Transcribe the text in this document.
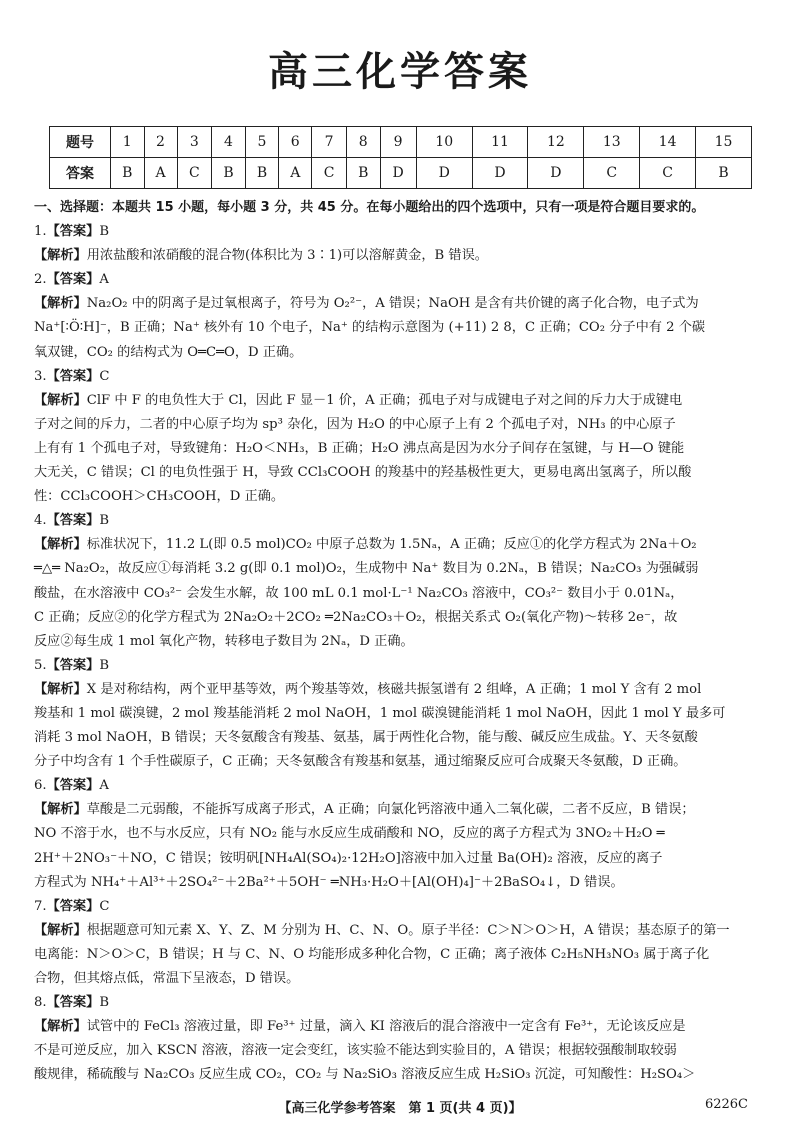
高三化学答案
题号	1	2	3	4	5	6	7	8	9	10	11	12	13	14	15
答案	B	A	C	B	B	A	C	B	D	D	D	D	C	C	B

一、选择题：本题共 15 小题，每小题 3 分，共 45 分。在每小题给出的四个选项中，只有一项是符合题目要求的。

1.【答案】B

【解析】用浓盐酸和浓硝酸的混合物(体积比为 3∶1)可以溶解黄金，B 错误。

2.【答案】A

【解析】Na₂O₂ 中的阴离子是过氧根离子，符号为 O₂²⁻，A 错误；NaOH 是含有共价键的离子化合物，电子式为

Na⁺[∶Ö∶H]⁻，B 正确；Na⁺ 核外有 10 个电子，Na⁺ 的结构示意图为 (+11) 2 8，C 正确；CO₂ 分子中有 2 个碳

氧双键，CO₂ 的结构式为 O═C═O，D 正确。

3.【答案】C

【解析】ClF 中 F 的电负性大于 Cl，因此 F 显－1 价，A 正确；孤电子对与成键电子对之间的斥力大于成键电

子对之间的斥力，二者的中心原子均为 sp³ 杂化，因为 H₂O 的中心原子上有 2 个孤电子对，NH₃ 的中心原子

上有有 1 个孤电子对，导致键角：H₂O＜NH₃，B 正确；H₂O 沸点高是因为水分子间存在氢键，与 H—O 键能

大无关，C 错误；Cl 的电负性强于 H，导致 CCl₃COOH 的羧基中的羟基极性更大，更易电离出氢离子，所以酸

性：CCl₃COOH＞CH₃COOH，D 正确。

4.【答案】B

【解析】标准状况下，11.2 L(即 0.5 mol)CO₂ 中原子总数为 1.5Nₐ，A 正确；反应①的化学方程式为 2Na＋O₂

═△═ Na₂O₂，故反应①每消耗 3.2 g(即 0.1 mol)O₂，生成物中 Na⁺ 数目为 0.2Nₐ，B 错误；Na₂CO₃ 为强碱弱

酸盐，在水溶液中 CO₃²⁻ 会发生水解，故 100 mL 0.1 mol·L⁻¹ Na₂CO₃ 溶液中，CO₃²⁻ 数目小于 0.01Nₐ，

C 正确；反应②的化学方程式为 2Na₂O₂＋2CO₂ ═2Na₂CO₃＋O₂，根据关系式 O₂(氧化产物)～转移 2e⁻，故

反应②每生成 1 mol 氧化产物，转移电子数目为 2Nₐ，D 正确。

5.【答案】B

【解析】X 是对称结构，两个亚甲基等效，两个羧基等效，核磁共振氢谱有 2 组峰，A 正确；1 mol Y 含有 2 mol

羧基和 1 mol 碳溴键，2 mol 羧基能消耗 2 mol NaOH，1 mol 碳溴键能消耗 1 mol NaOH，因此 1 mol Y 最多可

消耗 3 mol NaOH，B 错误；天冬氨酸含有羧基、氨基，属于两性化合物，能与酸、碱反应生成盐。Y、天冬氨酸

分子中均含有 1 个手性碳原子，C 正确；天冬氨酸含有羧基和氨基，通过缩聚反应可合成聚天冬氨酸，D 正确。

6.【答案】A

【解析】草酸是二元弱酸，不能拆写成离子形式，A 正确；向氯化钙溶液中通入二氧化碳，二者不反应，B 错误；

NO 不溶于水，也不与水反应，只有 NO₂ 能与水反应生成硝酸和 NO，反应的离子方程式为 3NO₂＋H₂O ═

2H⁺＋2NO₃⁻＋NO，C 错误；铵明矾[NH₄Al(SO₄)₂·12H₂O]溶液中加入过量 Ba(OH)₂ 溶液，反应的离子

方程式为 NH₄⁺＋Al³⁺＋2SO₄²⁻＋2Ba²⁺＋5OH⁻ ═NH₃·H₂O＋[Al(OH)₄]⁻＋2BaSO₄↓，D 错误。

7.【答案】C

【解析】根据题意可知元素 X、Y、Z、M 分别为 H、C、N、O。原子半径：C＞N＞O＞H，A 错误；基态原子的第一

电离能：N＞O＞C，B 错误；H 与 C、N、O 均能形成多种化合物，C 正确；离子液体 C₂H₅NH₃NO₃ 属于离子化

合物，但其熔点低，常温下呈液态，D 错误。

8.【答案】B

【解析】试管中的 FeCl₃ 溶液过量，即 Fe³⁺ 过量，滴入 KI 溶液后的混合溶液中一定含有 Fe³⁺，无论该反应是

不是可逆反应，加入 KSCN 溶液，溶液一定会变红，该实验不能达到实验目的，A 错误；根据较强酸制取较弱

酸规律，稀硫酸与 Na₂CO₃ 反应生成 CO₂，CO₂ 与 Na₂SiO₃ 溶液反应生成 H₂SiO₃ 沉淀，可知酸性：H₂SO₄＞

【高三化学参考答案　第 1 页(共 4 页)】	6226C
